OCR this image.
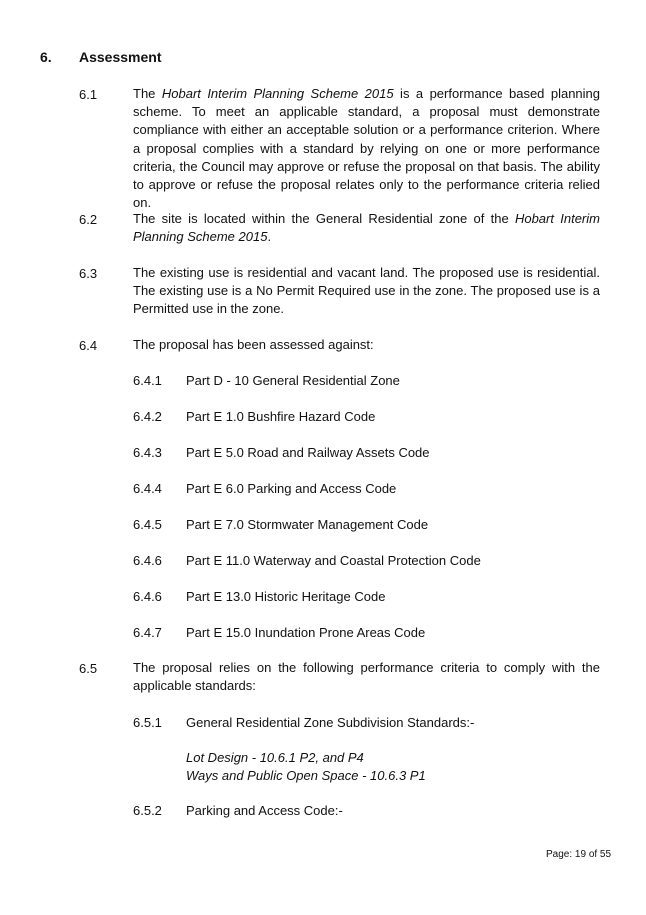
6. Assessment
6.1	The Hobart Interim Planning Scheme 2015 is a performance based planning scheme. To meet an applicable standard, a proposal must demonstrate compliance with either an acceptable solution or a performance criterion. Where a proposal complies with a standard by relying on one or more performance criteria, the Council may approve or refuse the proposal on that basis. The ability to approve or refuse the proposal relates only to the performance criteria relied on.
6.2	The site is located within the General Residential zone of the Hobart Interim Planning Scheme 2015.
6.3	The existing use is residential and vacant land. The proposed use is residential. The existing use is a No Permit Required use in the zone. The proposed use is a Permitted use in the zone.
6.4	The proposal has been assessed against:
6.4.1 Part D - 10 General Residential Zone
6.4.2 Part E 1.0 Bushfire Hazard Code
6.4.3 Part E 5.0 Road and Railway Assets Code
6.4.4 Part E 6.0 Parking and Access Code
6.4.5 Part E 7.0 Stormwater Management Code
6.4.6 Part E 11.0 Waterway and Coastal Protection Code
6.4.6 Part E 13.0 Historic Heritage Code
6.4.7 Part E 15.0 Inundation Prone Areas Code
6.5	The proposal relies on the following performance criteria to comply with the applicable standards:
6.5.1 General Residential Zone Subdivision Standards:-
Lot Design - 10.6.1 P2, and P4
Ways and Public Open Space - 10.6.3 P1
6.5.2 Parking and Access Code:-
Page: 19 of 55
